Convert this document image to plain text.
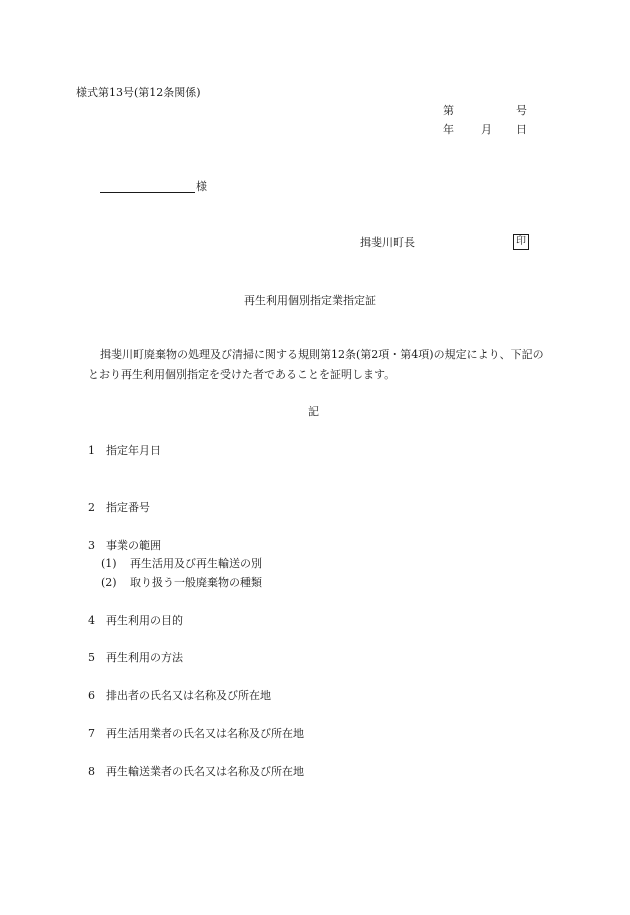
様式第13号(第12条関係)
第	号
年 月 日
様
揖斐川町長	印
再生利用個別指定業指定証
揖斐川町廃棄物の処理及び清掃に関する規則第12条(第2項・第4項)の規定により、下記のとおり再生利用個別指定を受けた者であることを証明します。
記
1 指定年月日
2 指定番号
3 事業の範囲
(1) 再生活用及び再生輸送の別
(2) 取り扱う一般廃棄物の種類
4 再生利用の目的
5 再生利用の方法
6 排出者の氏名又は名称及び所在地
7 再生活用業者の氏名又は名称及び所在地
8 再生輸送業者の氏名又は名称及び所在地
